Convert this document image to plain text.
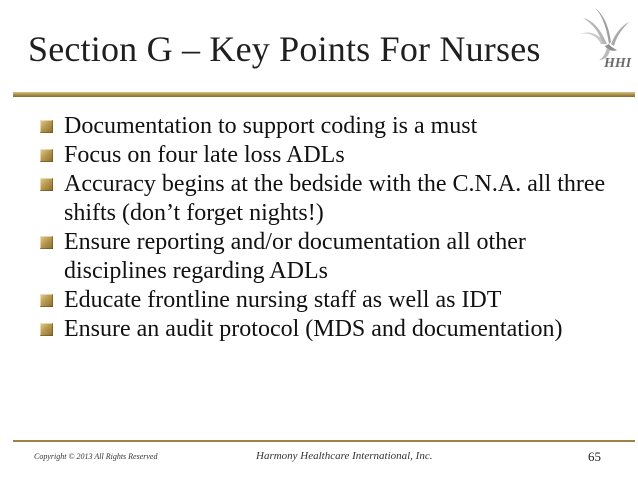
Section G – Key Points For Nurses	HHI
Documentation to support coding is a must
Focus on four late loss ADLs
Accuracy begins at the bedside with the C.N.A. all three shifts (don’t forget nights!)
Ensure reporting and/or documentation all other disciplines regarding ADLs
Educate frontline nursing staff as well as IDT
Ensure an audit protocol (MDS and documentation)
Copyright © 2013 All Rights Reserved	Harmony Healthcare International, Inc.	65
